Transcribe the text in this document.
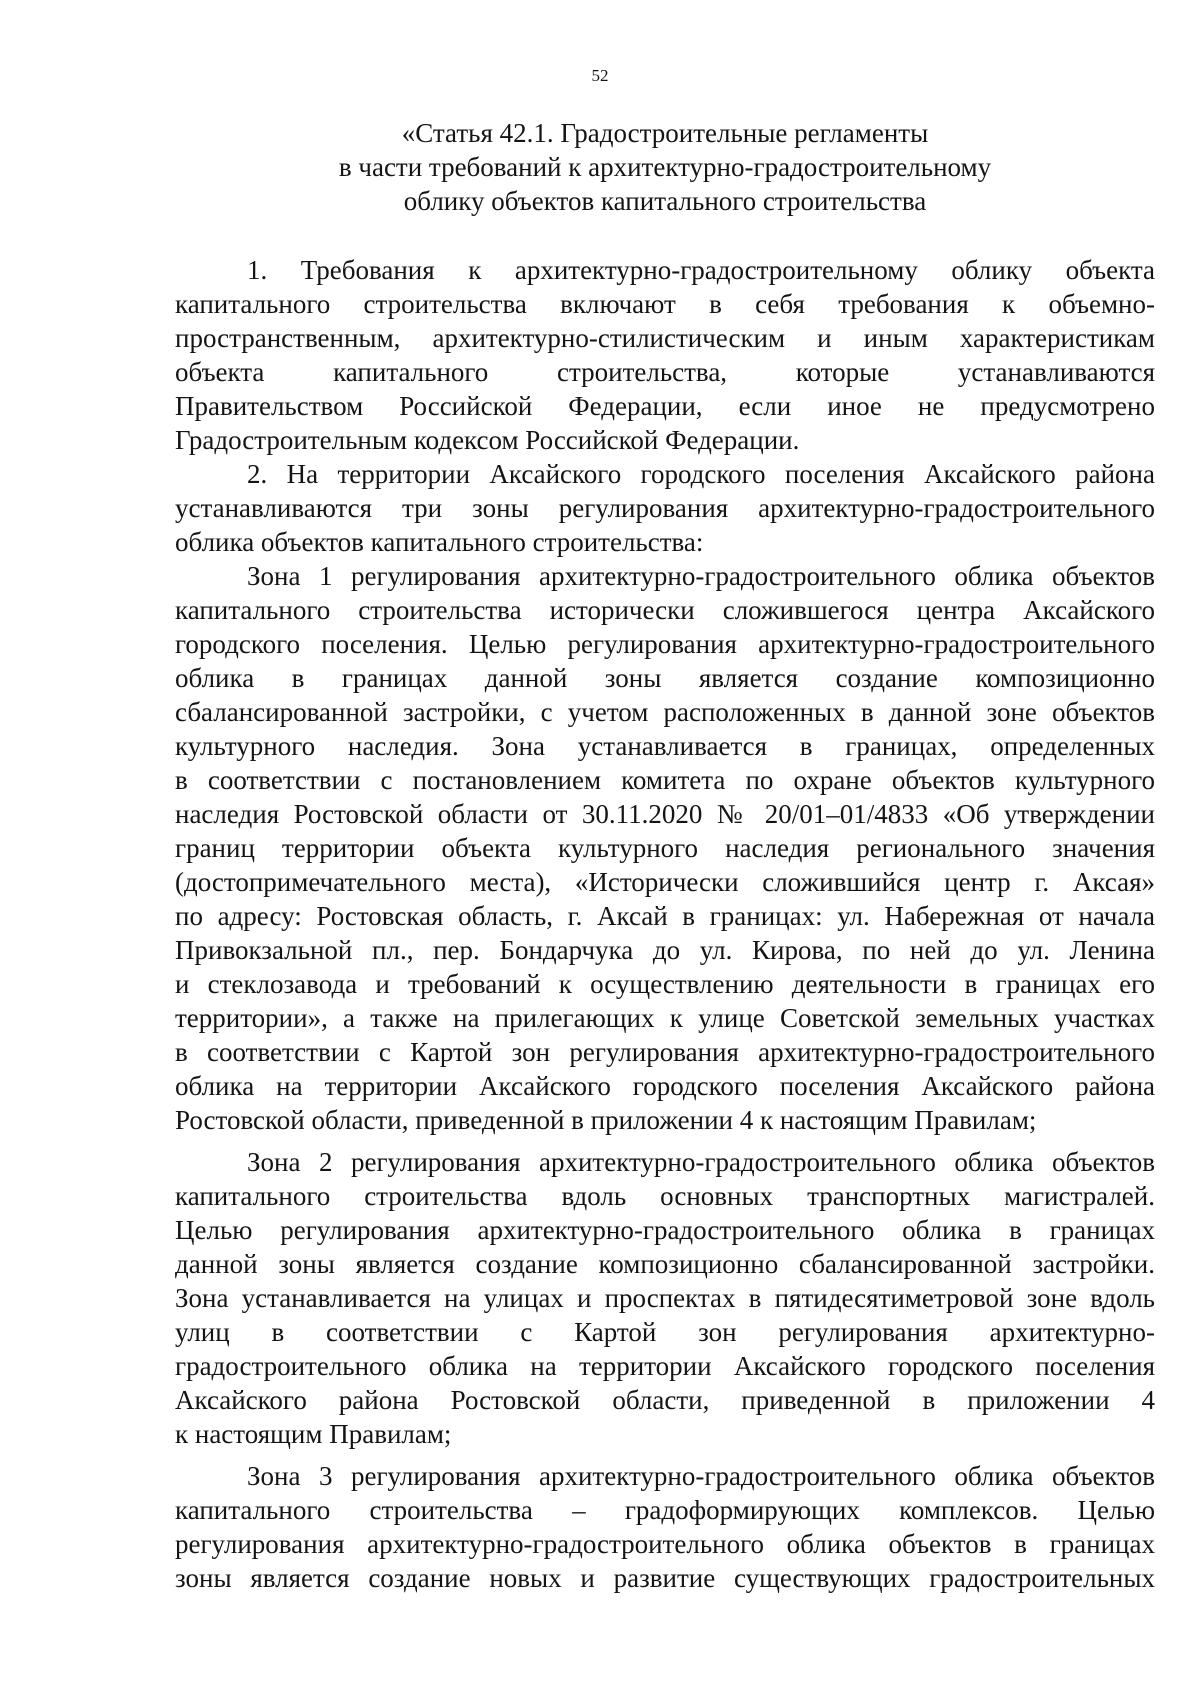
52
«Статья 42.1. Градостроительные регламенты
в части требований к архитектурно-градостроительному
облику объектов капитального строительства

1. Требования к архитектурно-градостроительному облику объекта
капитального строительства включают в себя требования к объемно-
пространственным, архитектурно-стилистическим и иным характеристикам
объекта капитального строительства, которые устанавливаются
Правительством Российской Федерации, если иное не предусмотрено
Градостроительным кодексом Российской Федерации.

2. На территории Аксайского городского поселения Аксайского района
устанавливаются три зоны регулирования архитектурно-градостроительного
облика объектов капитального строительства:

Зона 1 регулирования архитектурно-градостроительного облика объектов
капитального строительства исторически сложившегося центра Аксайского
городского поселения. Целью регулирования архитектурно-градостроительного
облика в границах данной зоны является создание композиционно
сбалансированной застройки, с учетом расположенных в данной зоне объектов
культурного наследия. Зона устанавливается в границах, определенных
в соответствии с постановлением комитета по охране объектов культурного
наследия Ростовской области от 30.11.2020 № 20/01–01/4833 «Об утверждении
границ территории объекта культурного наследия регионального значения
(достопримечательного места), «Исторически сложившийся центр г. Аксая»
по адресу: Ростовская область, г. Аксай в границах: ул. Набережная от начала
Привокзальной пл., пер. Бондарчука до ул. Кирова, по ней до ул. Ленина
и стеклозавода и требований к осуществлению деятельности в границах его
территории», а также на прилегающих к улице Советской земельных участках
в соответствии с Картой зон регулирования архитектурно-градостроительного
облика на территории Аксайского городского поселения Аксайского района
Ростовской области, приведенной в приложении 4 к настоящим Правилам;

Зона 2 регулирования архитектурно-градостроительного облика объектов
капитального строительства вдоль основных транспортных магистралей.
Целью регулирования архитектурно-градостроительного облика в границах
данной зоны является создание композиционно сбалансированной застройки.
Зона устанавливается на улицах и проспектах в пятидесятиметровой зоне вдоль
улиц в соответствии с Картой зон регулирования архитектурно-
градостроительного облика на территории Аксайского городского поселения
Аксайского района Ростовской области, приведенной в приложении 4
к настоящим Правилам;

Зона 3 регулирования архитектурно-градостроительного облика объектов
капитального строительства – градоформирующих комплексов. Целью
регулирования архитектурно-градостроительного облика объектов в границах
зоны является создание новых и развитие существующих градостроительных
